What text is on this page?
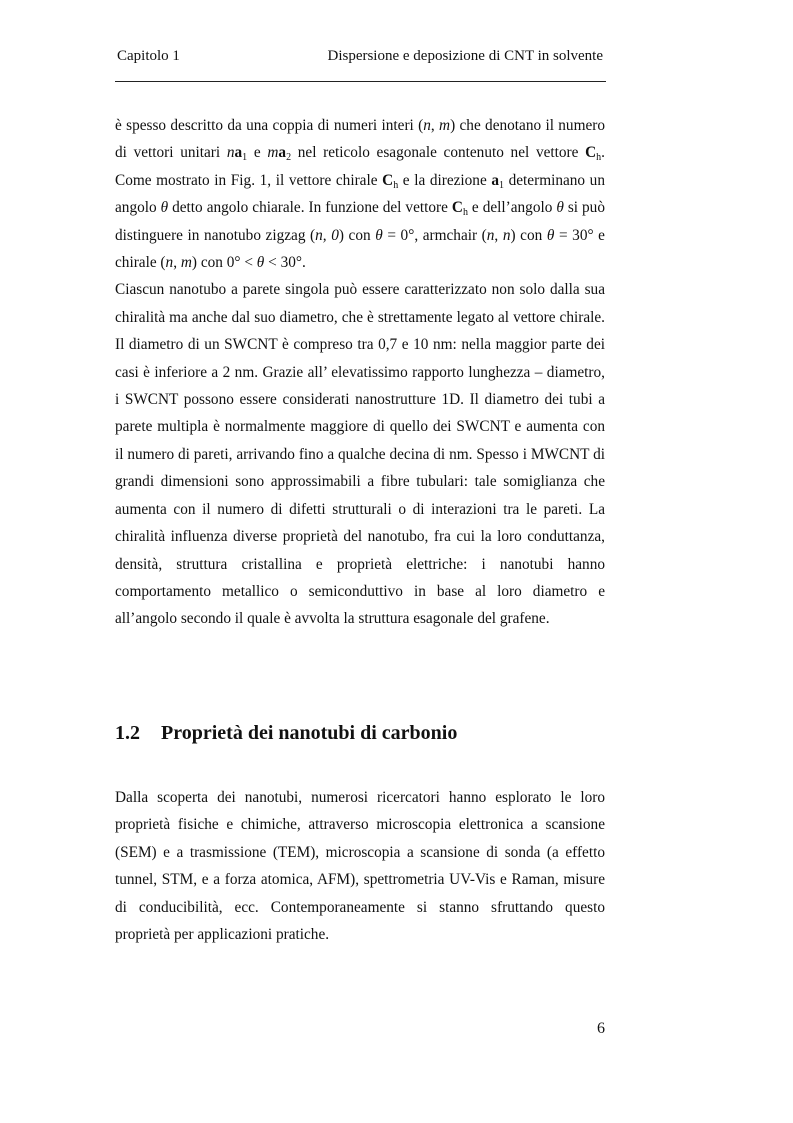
Capitolo 1	Dispersione e deposizione di CNT in solvente

è spesso descritto da una coppia di numeri interi (n, m) che denotano il numero di vettori unitari $na_1$ e $ma_2$ nel reticolo esagonale contenuto nel vettore $C_h$. Come mostrato in Fig. 1, il vettore chirale $C_h$ e la direzione $a_1$ determinano un angolo θ detto angolo chiarale. In funzione del vettore $C_h$ e dell’angolo θ si può distinguere in nanotubo zigzag (n, 0) con θ = 0°, armchair (n, n) con θ = 30° e chirale (n, m) con 0° < θ < 30°.

Ciascun nanotubo a parete singola può essere caratterizzato non solo dalla sua chiralità ma anche dal suo diametro, che è strettamente legato al vettore chirale. Il diametro di un SWCNT è compreso tra 0,7 e 10 nm: nella maggior parte dei casi è inferiore a 2 nm. Grazie all’ elevatissimo rapporto lunghezza – diametro, i SWCNT possono essere considerati nanostrutture 1D. Il diametro dei tubi a parete multipla è normalmente maggiore di quello dei SWCNT e aumenta con il numero di pareti, arrivando fino a qualche decina di nm. Spesso i MWCNT di grandi dimensioni sono approssimabili a fibre tubulari: tale somiglianza che aumenta con il numero di difetti strutturali o di interazioni tra le pareti. La chiralità influenza diverse proprietà del nanotubo, fra cui la loro conduttanza, densità, struttura cristallina e proprietà elettriche: i nanotubi hanno comportamento metallico o semiconduttivo in base al loro diametro e all’angolo secondo il quale è avvolta la struttura esagonale del grafene.

1.2 Proprietà dei nanotubi di carbonio

Dalla scoperta dei nanotubi, numerosi ricercatori hanno esplorato le loro proprietà fisiche e chimiche, attraverso microscopia elettronica a scansione (SEM) e a trasmissione (TEM), microscopia a scansione di sonda (a effetto tunnel, STM, e a forza atomica, AFM), spettrometria UV-Vis e Raman, misure di conducibilità, ecc. Contemporaneamente si stanno sfruttando questo proprietà per applicazioni pratiche.

6
